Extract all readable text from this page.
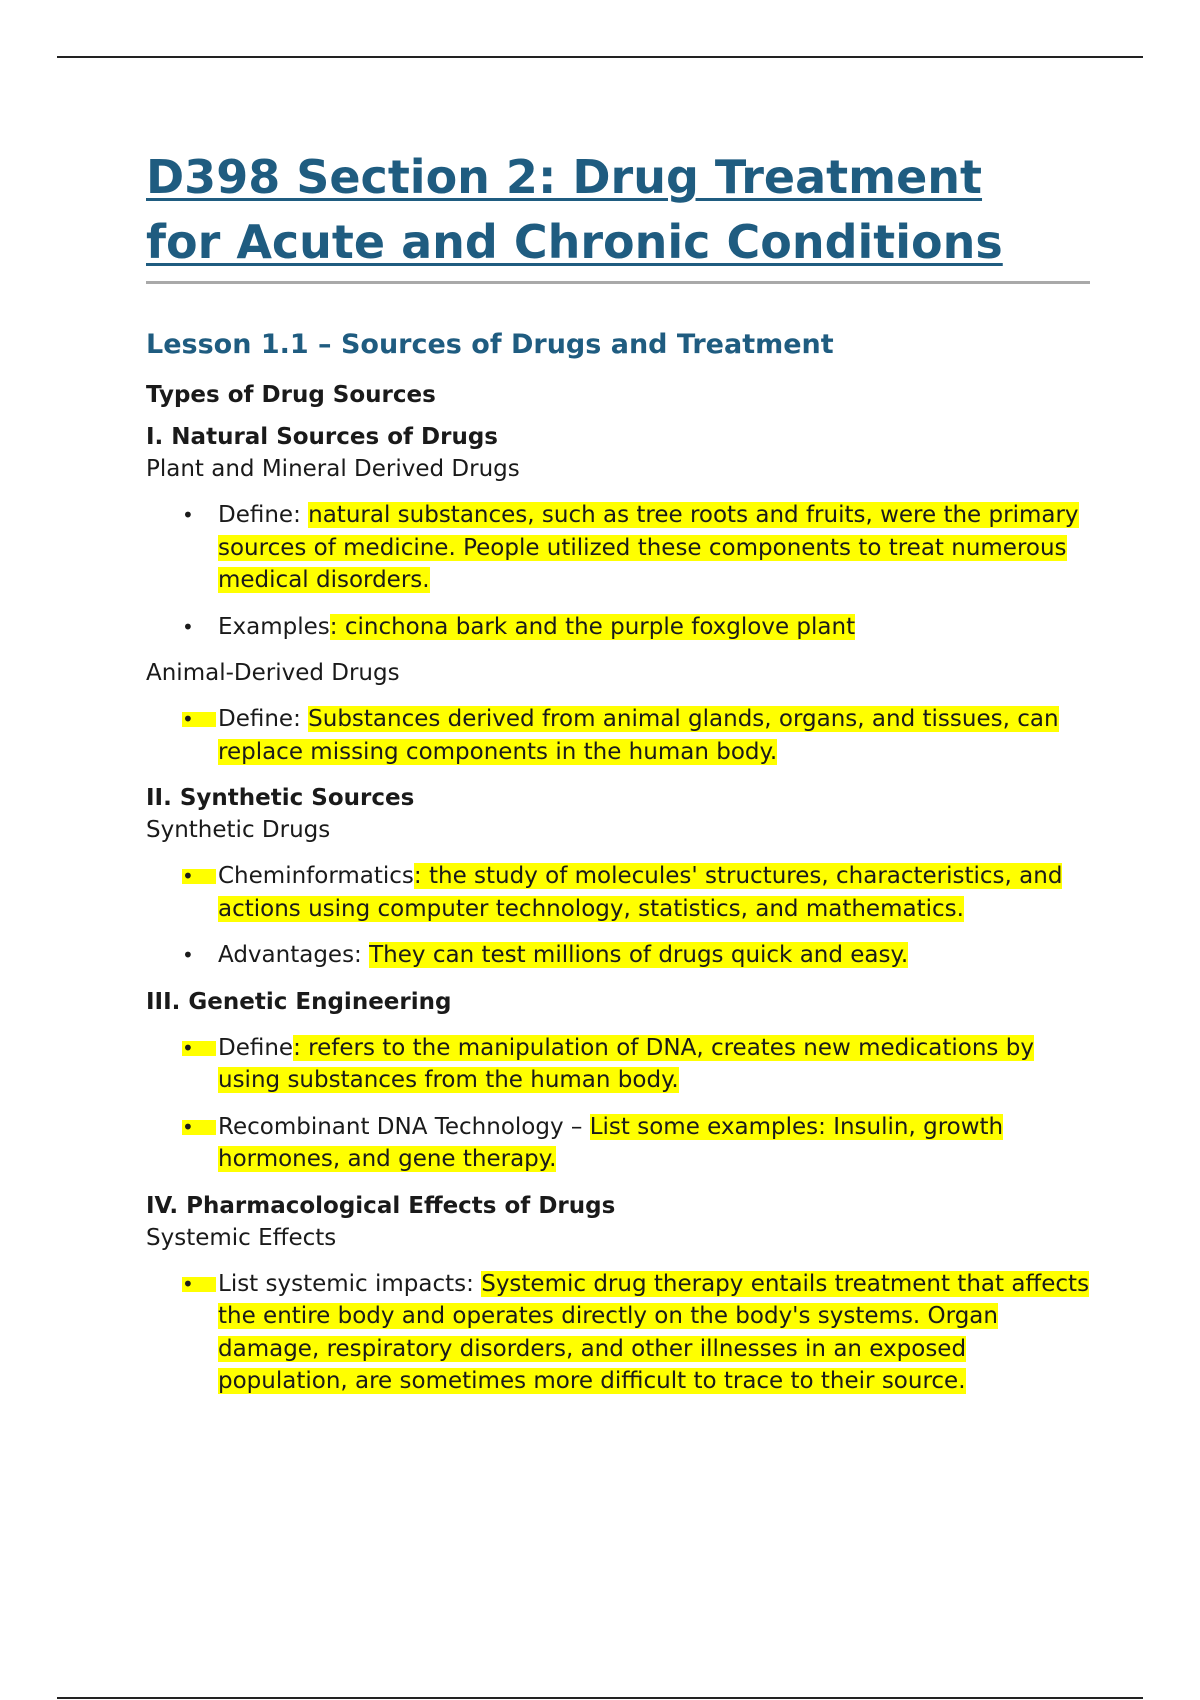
D398 Section 2: Drug Treatment
for Acute and Chronic Conditions
Lesson 1.1 – Sources of Drugs and Treatment
Types of Drug Sources
I. Natural Sources of Drugs
Plant and Mineral Derived Drugs
•	Define: natural substances, such as tree roots and fruits, were the primary sources of medicine. People utilized these components to treat numerous medical disorders.
•	Examples: cinchona bark and the purple foxglove plant
Animal-Derived Drugs
•	Define: Substances derived from animal glands, organs, and tissues, can replace missing components in the human body.
II. Synthetic Sources
Synthetic Drugs
•	Cheminformatics: the study of molecules' structures, characteristics, and actions using computer technology, statistics, and mathematics.
•	Advantages: They can test millions of drugs quick and easy.
III. Genetic Engineering
•	Define: refers to the manipulation of DNA, creates new medications by using substances from the human body.
•	Recombinant DNA Technology – List some examples: Insulin, growth hormones, and gene therapy.
IV. Pharmacological Effects of Drugs
Systemic Effects
•	List systemic impacts: Systemic drug therapy entails treatment that affects the entire body and operates directly on the body's systems. Organ damage, respiratory disorders, and other illnesses in an exposed population, are sometimes more difficult to trace to their source.
